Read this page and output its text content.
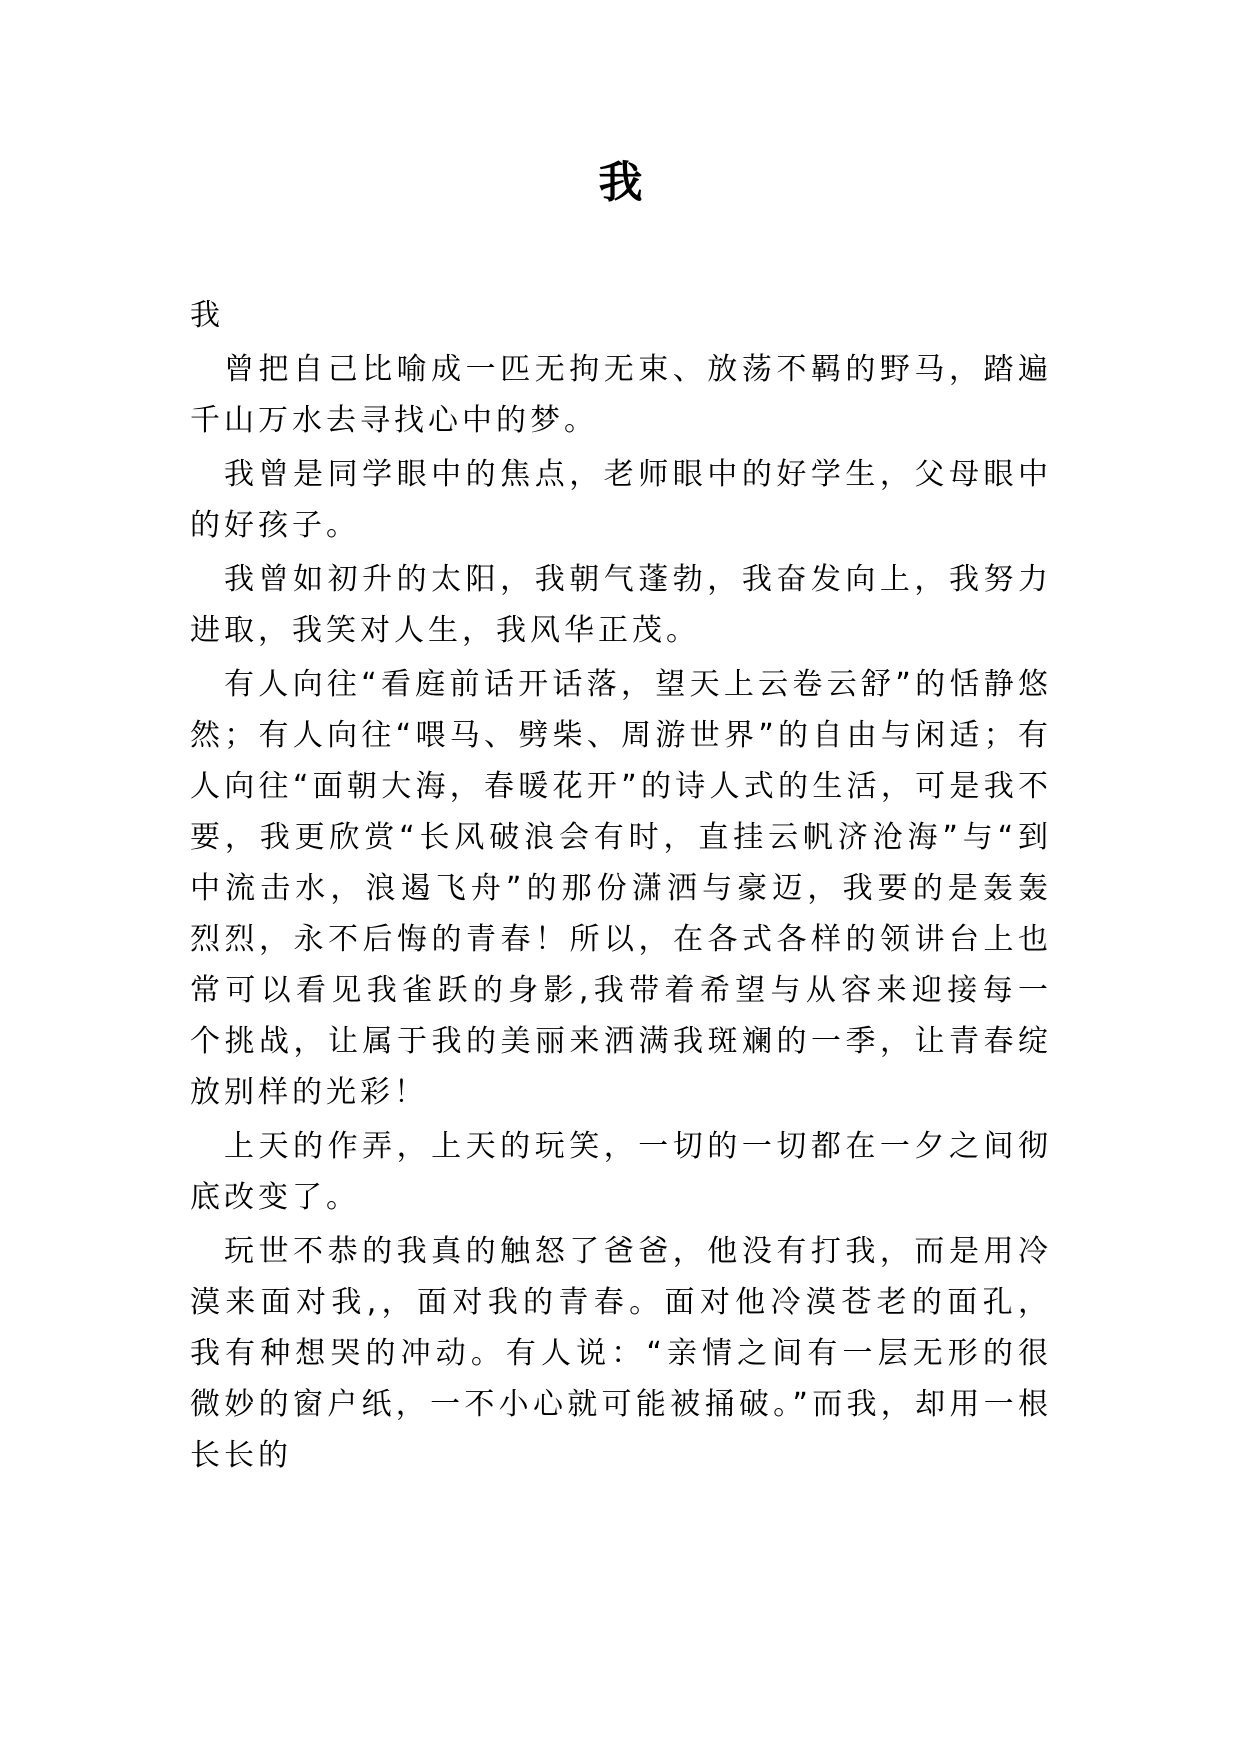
我

我

曾把自己比喻成一匹无拘无束、放荡不羁的野马，踏遍千山万水去寻找心中的梦。

我曾是同学眼中的焦点，老师眼中的好学生，父母眼中的好孩子。

我曾如初升的太阳，我朝气蓬勃，我奋发向上，我努力进取，我笑对人生，我风华正茂。

有人向往“看庭前话开话落，望天上云卷云舒”的恬静悠然；有人向往“喂马、劈柴、周游世界”的自由与闲适；有人向往“面朝大海，春暖花开”的诗人式的生活，可是我不要，我更欣赏“长风破浪会有时，直挂云帆济沧海”与“到中流击水，浪遏飞舟”的那份潇洒与豪迈，我要的是轰轰烈烈，永不后悔的青春！所以，在各式各样的领讲台上也常可以看见我雀跃的身影,我带着希望与从容来迎接每一个挑战，让属于我的美丽来洒满我斑斓的一季，让青春绽放别样的光彩！

上天的作弄，上天的玩笑，一切的一切都在一夕之间彻底改变了。

玩世不恭的我真的触怒了爸爸，他没有打我，而是用冷漠来面对我,，面对我的青春。面对他冷漠苍老的面孔，我有种想哭的冲动。有人说：“亲情之间有一层无形的很微妙的窗户纸，一不小心就可能被捅破。”而我，却用一根长长的
